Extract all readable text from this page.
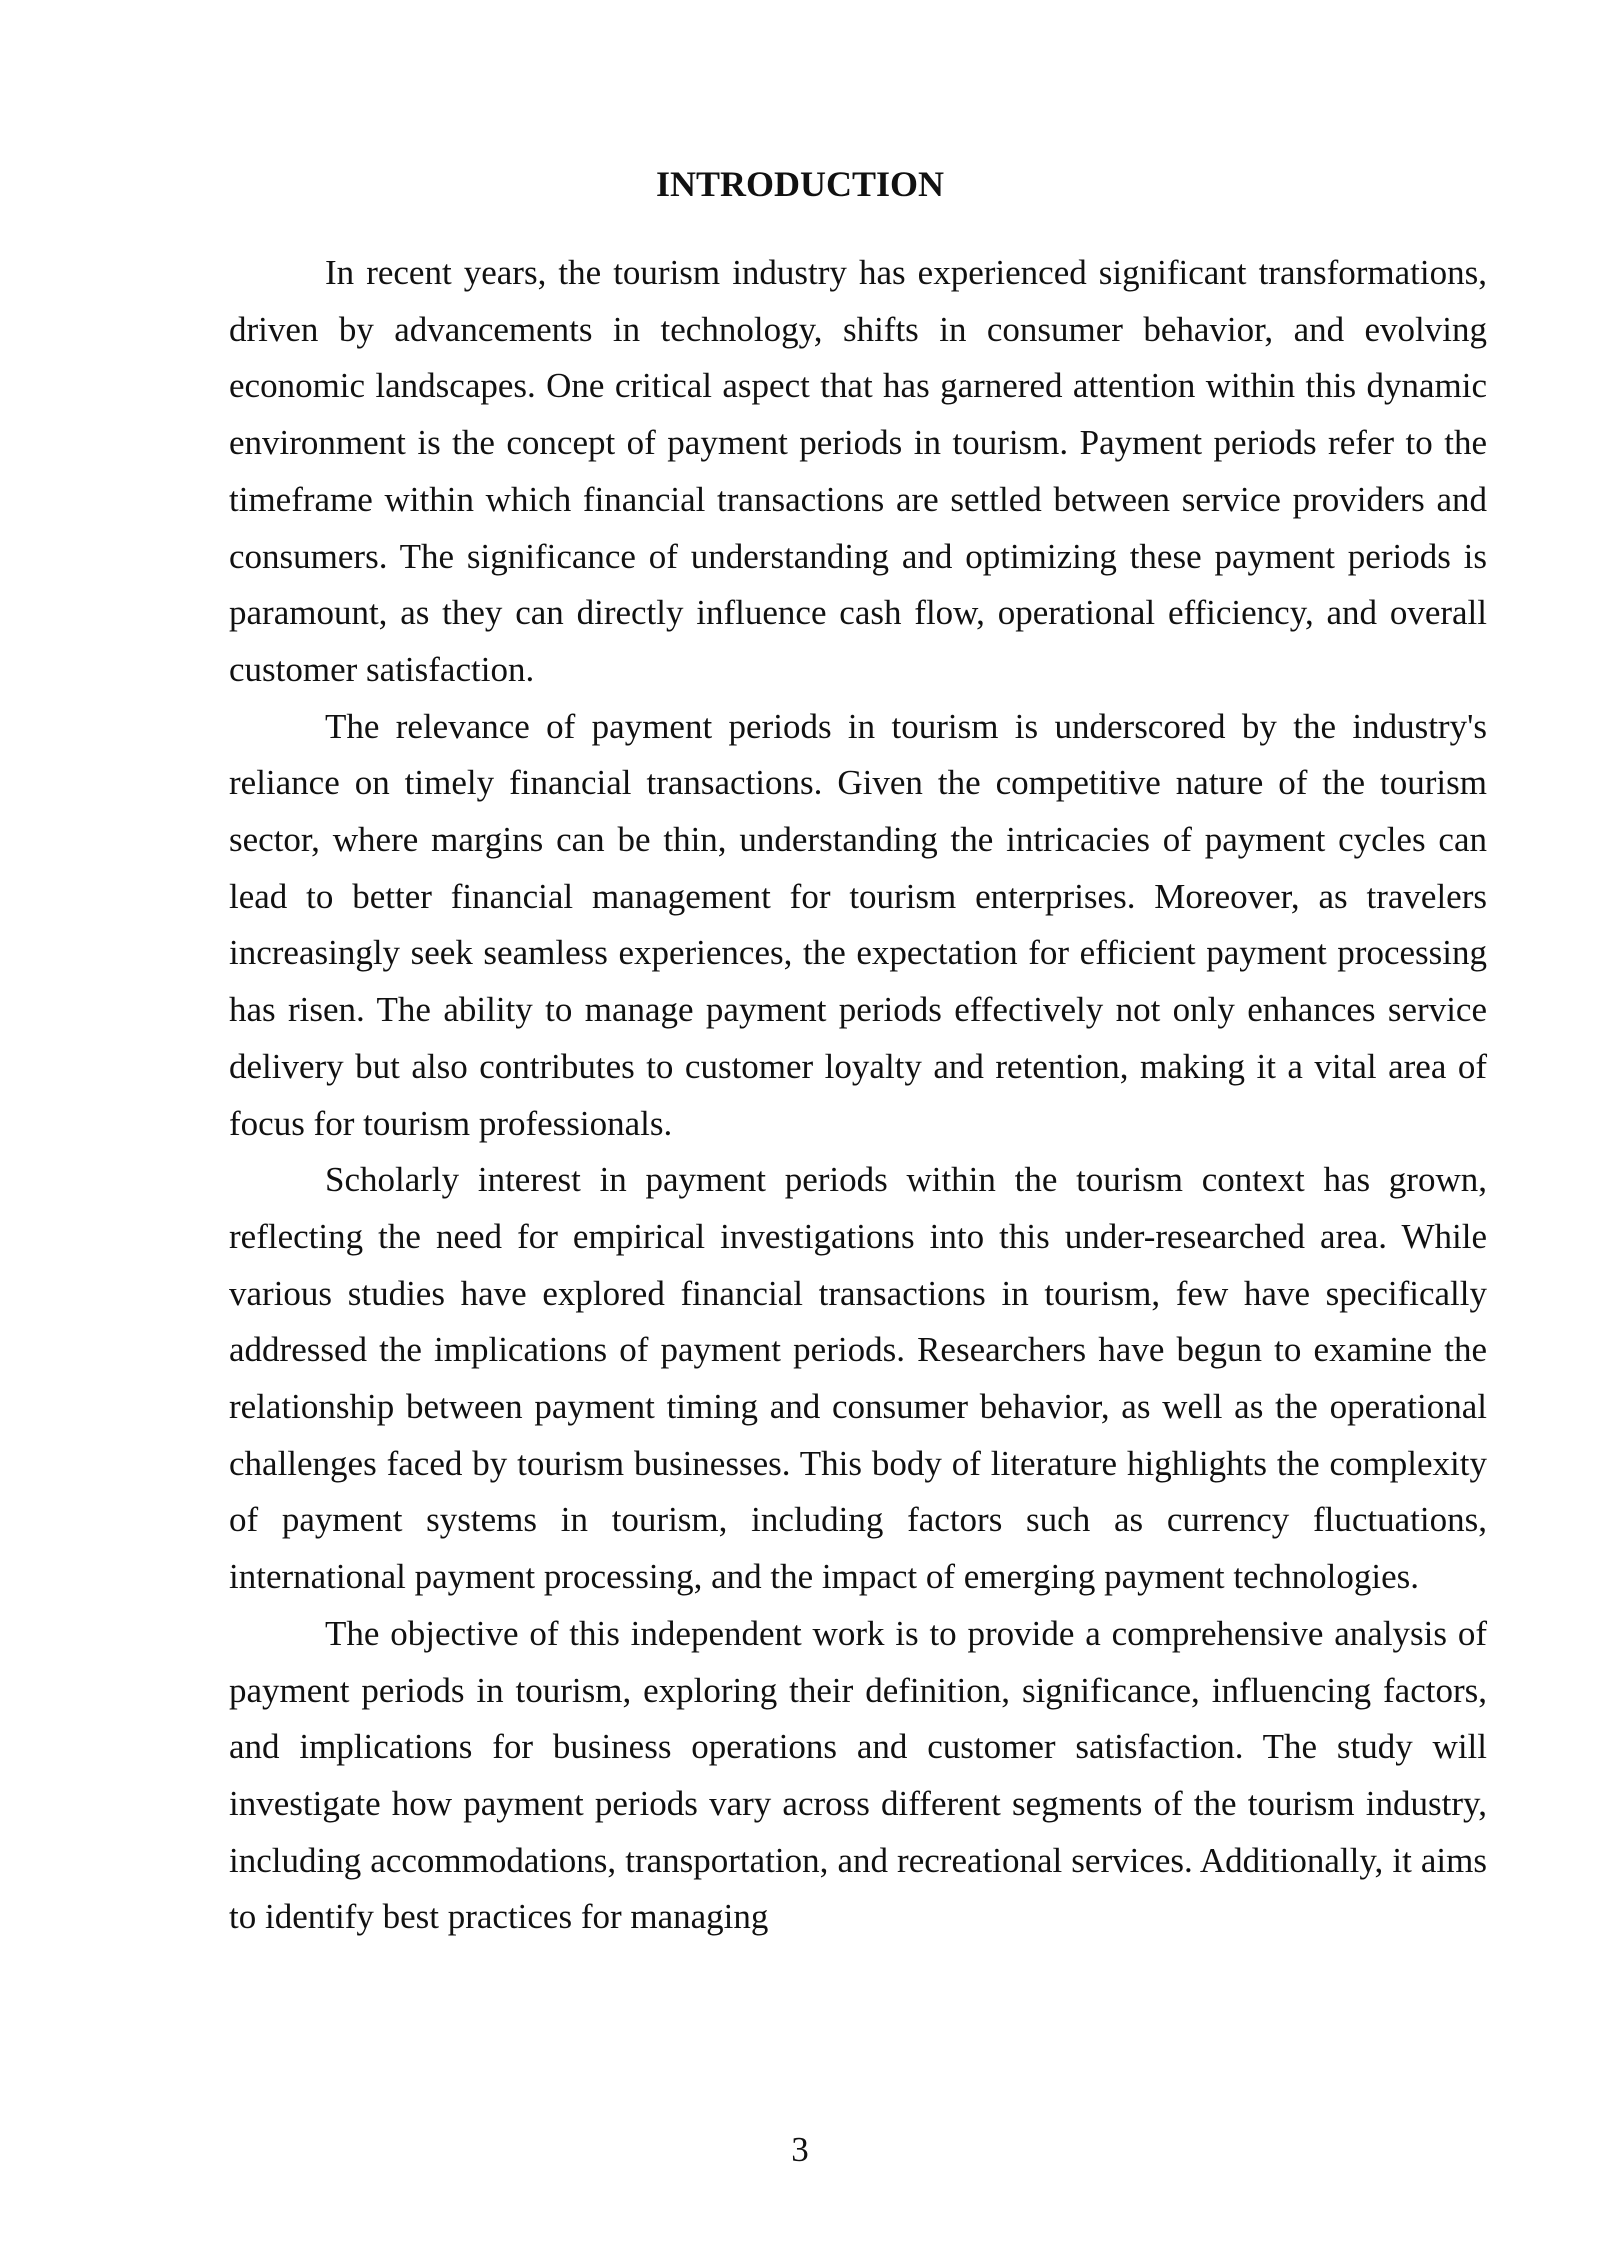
INTRODUCTION

In recent years, the tourism industry has experienced significant transformations, driven by advancements in technology, shifts in consumer behavior, and evolving economic landscapes. One critical aspect that has garnered attention within this dynamic environment is the concept of payment periods in tourism. Payment periods refer to the timeframe within which financial transactions are settled between service providers and consumers. The significance of understanding and optimizing these payment periods is paramount, as they can directly influence cash flow, operational efficiency, and overall customer satisfaction.

The relevance of payment periods in tourism is underscored by the industry's reliance on timely financial transactions. Given the competitive nature of the tourism sector, where margins can be thin, understanding the intricacies of payment cycles can lead to better financial management for tourism enterprises. Moreover, as travelers increasingly seek seamless experiences, the expectation for efficient payment processing has risen. The ability to manage payment periods effectively not only enhances service delivery but also contributes to customer loyalty and retention, making it a vital area of focus for tourism professionals.

Scholarly interest in payment periods within the tourism context has grown, reflecting the need for empirical investigations into this under-researched area. While various studies have explored financial transactions in tourism, few have specifically addressed the implications of payment periods. Researchers have begun to examine the relationship between payment timing and consumer behavior, as well as the operational challenges faced by tourism businesses. This body of literature highlights the complexity of payment systems in tourism, including factors such as currency fluctuations, international payment processing, and the impact of emerging payment technologies.

The objective of this independent work is to provide a comprehensive analysis of payment periods in tourism, exploring their definition, significance, influencing factors, and implications for business operations and customer satisfaction. The study will investigate how payment periods vary across different segments of the tourism industry, including accommodations, transportation, and recreational services. Additionally, it aims to identify best practices for managing

3
